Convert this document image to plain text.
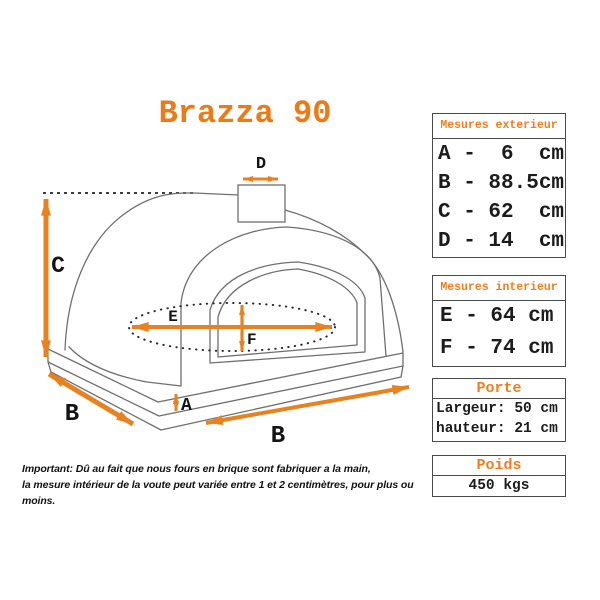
Brazza 90
C
D
E
F
A
B
B
Mesures exterieur
A -  6  cm
B - 88.5cm
C - 62  cm
D - 14  cm
Mesures interieur
E - 64 cm
F - 74 cm
Porte
Largeur: 50 cm
hauteur: 21 cm
Poids
450 kgs
Important: Dû au fait que nous fours en brique sont fabriquer a la main,
la mesure intérieur de la voute peut variée entre 1 et 2 centimètres, pour plus ou moins.
